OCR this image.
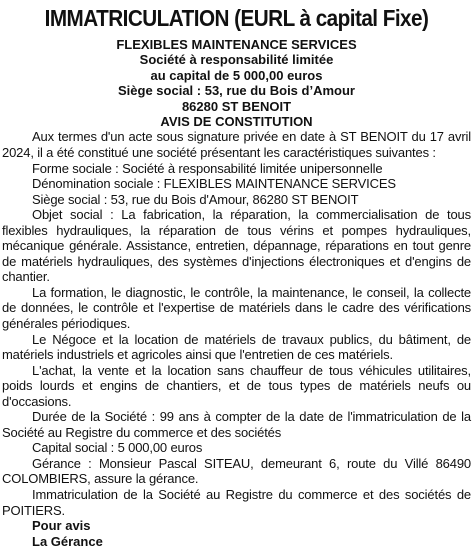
IMMATRICULATION (EURL à capital Fixe)
FLEXIBLES MAINTENANCE SERVICES
Société à responsabilité limitée
au capital de 5 000,00 euros
Siège social : 53, rue du Bois d’Amour
86280 ST BENOIT
AVIS DE CONSTITUTION

Aux termes d'un acte sous signature privée en date à ST BENOIT du 17 avril 2024, il a été constitué une société présentant les caractéristiques suivantes :

Forme sociale : Société à responsabilité limitée unipersonnelle

Dénomination sociale : FLEXIBLES MAINTENANCE SERVICES

Siège social : 53, rue du Bois d'Amour, 86280 ST BENOIT

Objet social : La fabrication, la réparation, la commercialisation de tous flexibles hydrauliques, la réparation de tous vérins et pompes hydrauliques, mécanique générale. Assistance, entretien, dépannage, réparations en tout genre de matériels hydrauliques, des systèmes d'injections électroniques et d'engins de chantier.

La formation, le diagnostic, le contrôle, la maintenance, le conseil, la collecte de données, le contrôle et l'expertise de matériels dans le cadre des vérifications générales périodiques.

Le Négoce et la location de matériels de travaux publics, du bâtiment, de matériels industriels et agricoles ainsi que l'entretien de ces matériels.

L'achat, la vente et la location sans chauffeur de tous véhicules utilitaires, poids lourds et engins de chantiers, et de tous types de matériels neufs ou d'occasions.

Durée de la Société : 99 ans à compter de la date de l'immatriculation de la Société au Registre du commerce et des sociétés

Capital social : 5 000,00 euros

Gérance : Monsieur Pascal SITEAU, demeurant 6, route du Villé 86490 COLOMBIERS, assure la gérance.

Immatriculation de la Société au Registre du commerce et des sociétés de POITIERS.

Pour avis
La Gérance
